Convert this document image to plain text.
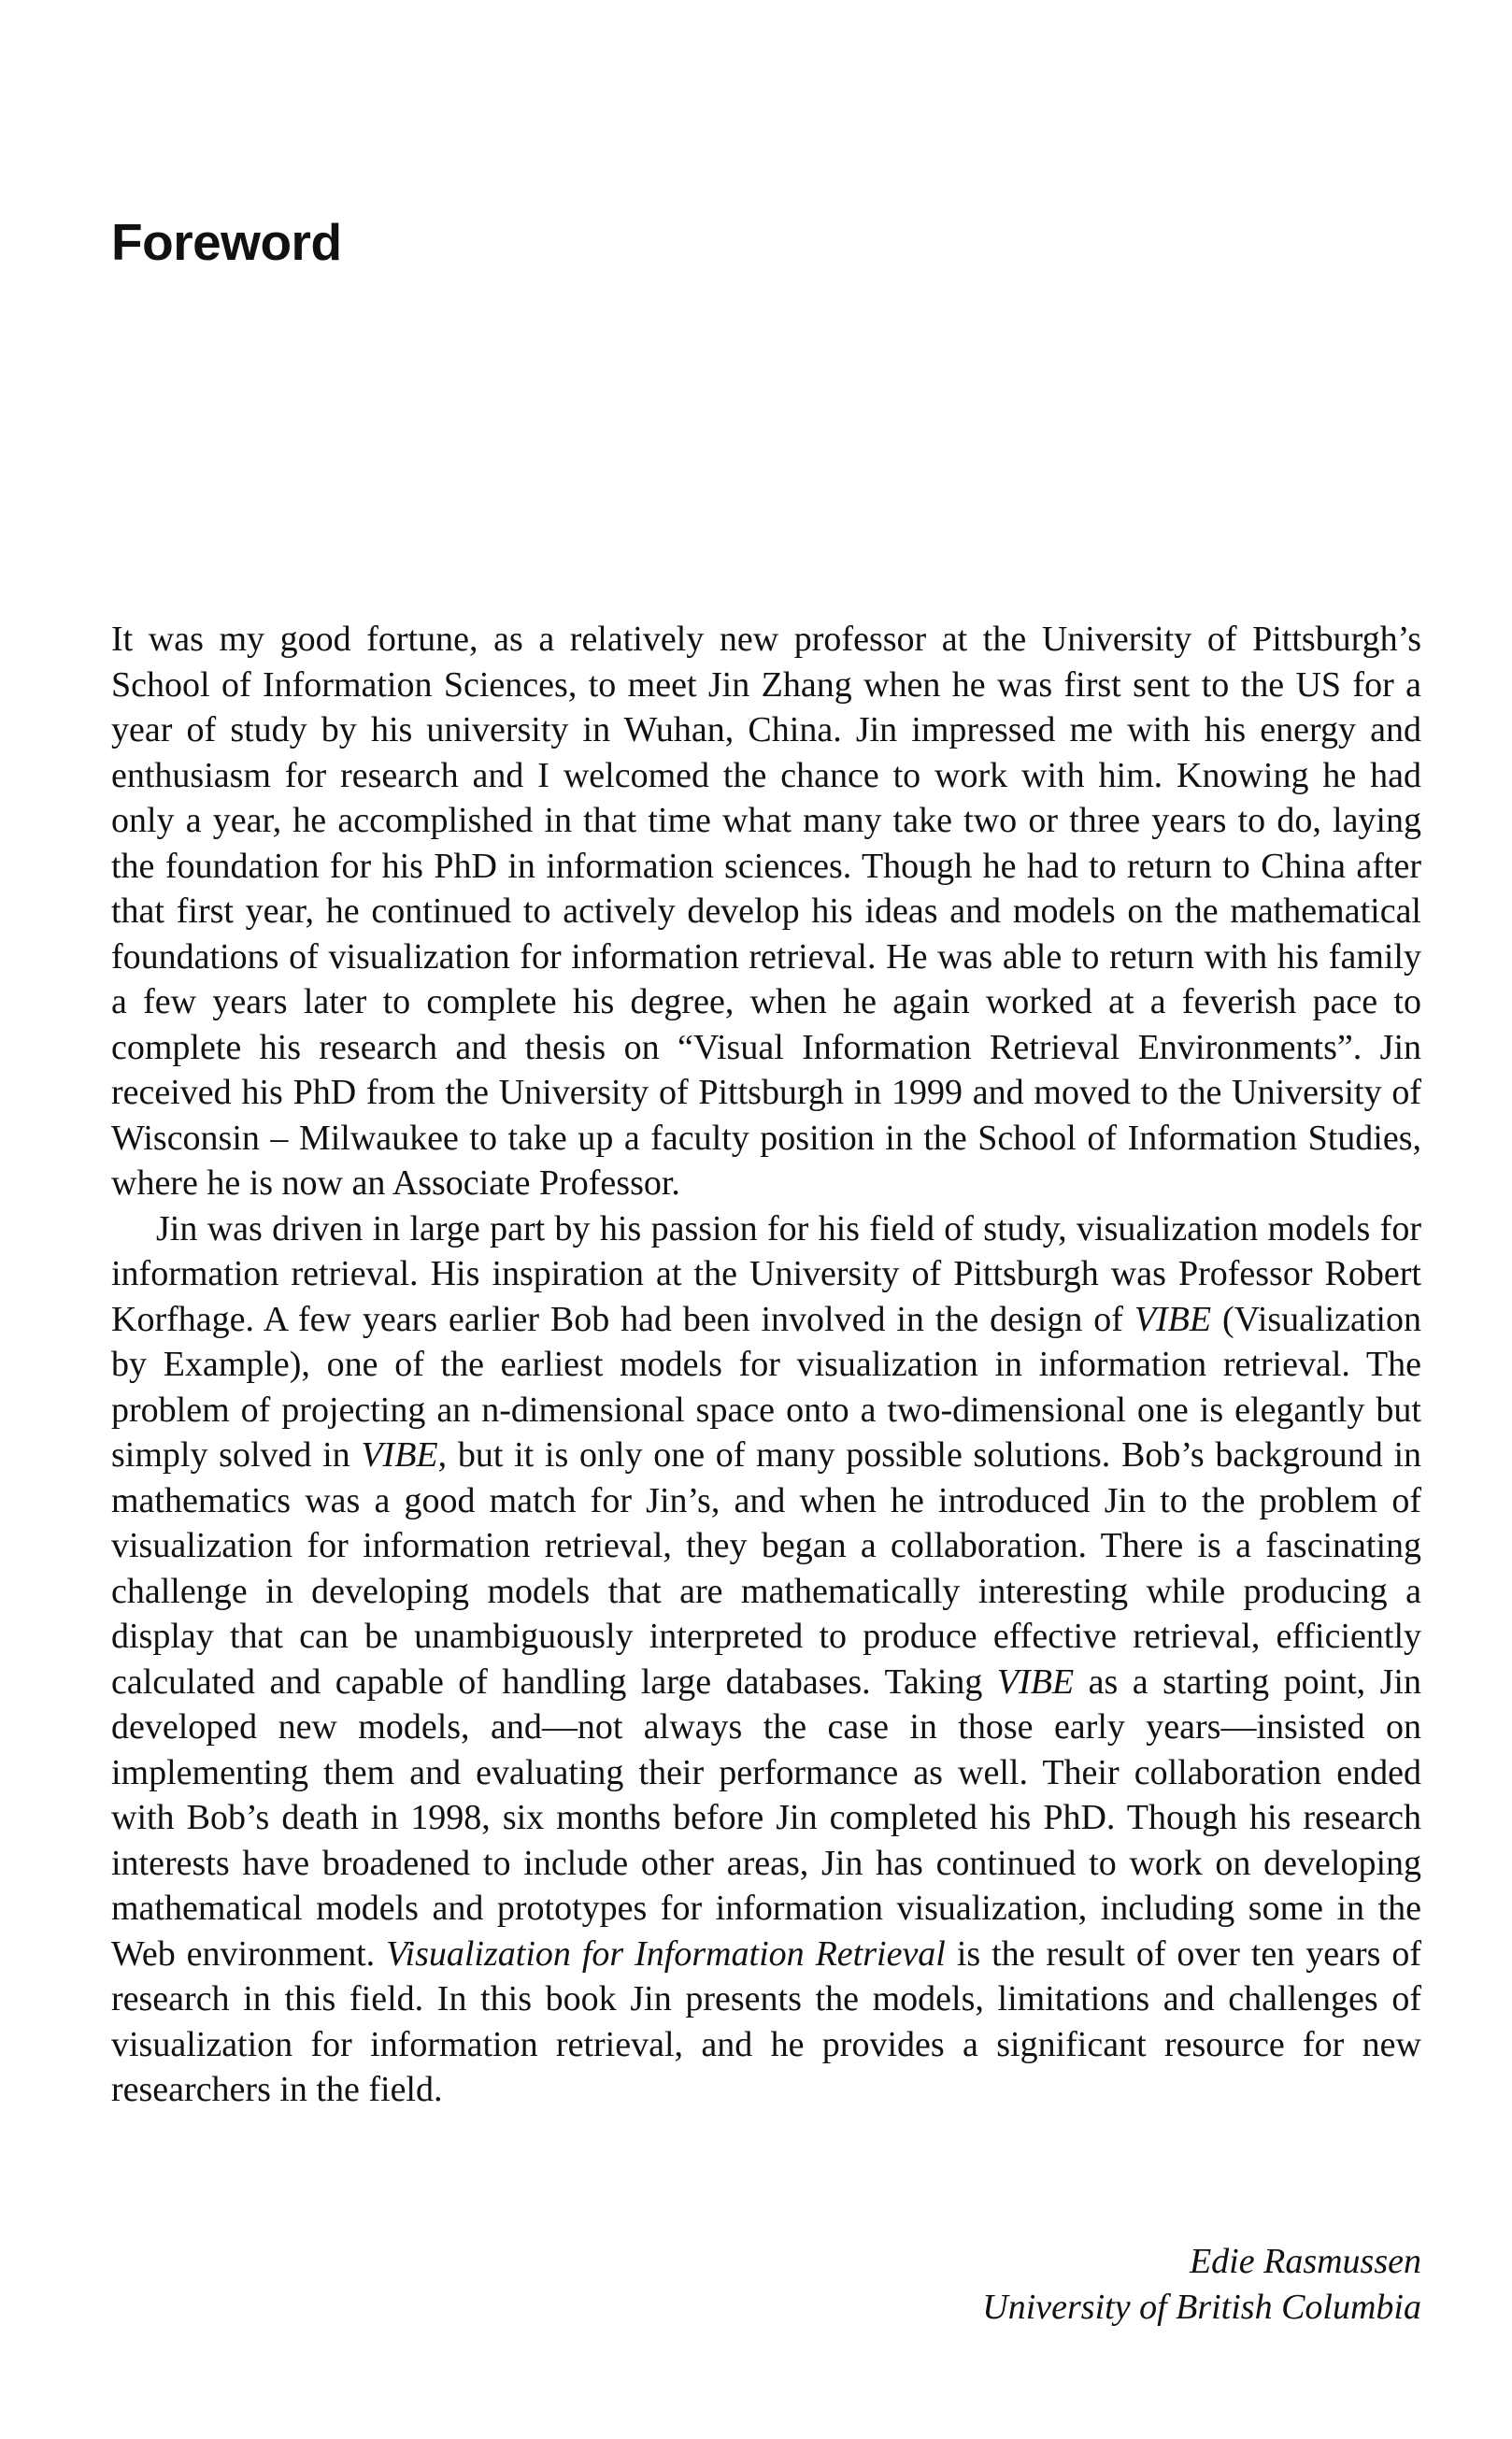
Foreword

It was my good fortune, as a relatively new professor at the University of Pittsburgh’s School of Information Sciences, to meet Jin Zhang when he was first sent to the US for a year of study by his university in Wuhan, China. Jin impressed me with his energy and enthusiasm for research and I welcomed the chance to work with him. Knowing he had only a year, he accomplished in that time what many take two or three years to do, laying the foundation for his PhD in information sciences. Though he had to return to China after that first year, he continued to actively develop his ideas and models on the mathematical foundations of visualization for information retrieval. He was able to return with his family a few years later to complete his degree, when he again worked at a feverish pace to complete his research and thesis on “Visual Information Retrieval Environments”. Jin received his PhD from the University of Pittsburgh in 1999 and moved to the University of Wisconsin – Milwaukee to take up a faculty position in the School of Information Studies, where he is now an Associate Professor.

Jin was driven in large part by his passion for his field of study, visualization models for information retrieval. His inspiration at the University of Pittsburgh was Professor Robert Korfhage. A few years earlier Bob had been involved in the design of VIBE (Visualization by Example), one of the earliest models for visualization in information retrieval. The problem of projecting an n-dimensional space onto a two-dimensional one is elegantly but simply solved in VIBE, but it is only one of many possible solutions. Bob’s background in mathematics was a good match for Jin’s, and when he introduced Jin to the problem of visualization for information retrieval, they began a collaboration. There is a fascinating challenge in developing models that are mathematically interesting while producing a display that can be unambiguously interpreted to produce effective retrieval, efficiently calculated and capable of handling large databases. Taking VIBE as a starting point, Jin developed new models, and—not always the case in those early years—insisted on implementing them and evaluating their performance as well. Their collaboration ended with Bob’s death in 1998, six months before Jin completed his PhD. Though his research interests have broadened to include other areas, Jin has continued to work on developing mathematical models and prototypes for information visualization, including some in the Web environment. Visualization for Information Retrieval is the result of over ten years of research in this field. In this book Jin presents the models, limitations and challenges of visualization for information retrieval, and he provides a significant resource for new researchers in the field.

Edie Rasmussen
University of British Columbia
